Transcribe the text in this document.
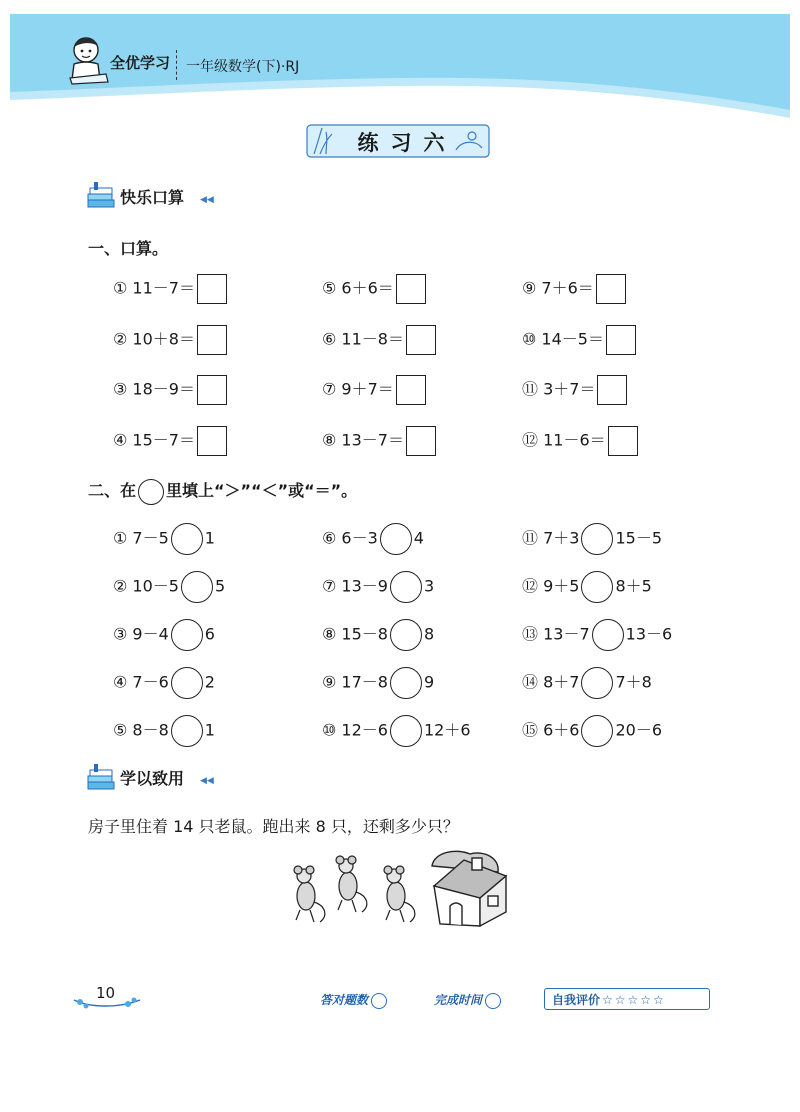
全优学习 一年级数学(下)·RJ
练习六
快乐口算 ◀◀
一、口算。
① 11－7＝
② 10＋8＝
③ 18－9＝
④ 15－7＝
⑤ 6＋6＝
⑥ 11－8＝
⑦ 9＋7＝
⑧ 13－7＝
⑨ 7＋6＝
⑩ 14－5＝
⑪ 3＋7＝
⑫ 11－6＝
二、在 里填上“＞”“＜”或“＝”。
① 7－5 1
② 10－5 5
③ 9－4 6
④ 7－6 2
⑤ 8－8 1
⑥ 6－3 4
⑦ 13－9 3
⑧ 15－8 8
⑨ 17－8 9
⑩ 12－6 12＋6
⑪ 7＋3 15－5
⑫ 9＋5 8＋5
⑬ 13－7 13－6
⑭ 8＋7 7＋8
⑮ 6＋6 20－6
学以致用 ◀◀
房子里住着 14 只老鼠。跑出来 8 只，还剩多少只？
10	答对题数	完成时间	自我评价 ☆☆☆☆☆
